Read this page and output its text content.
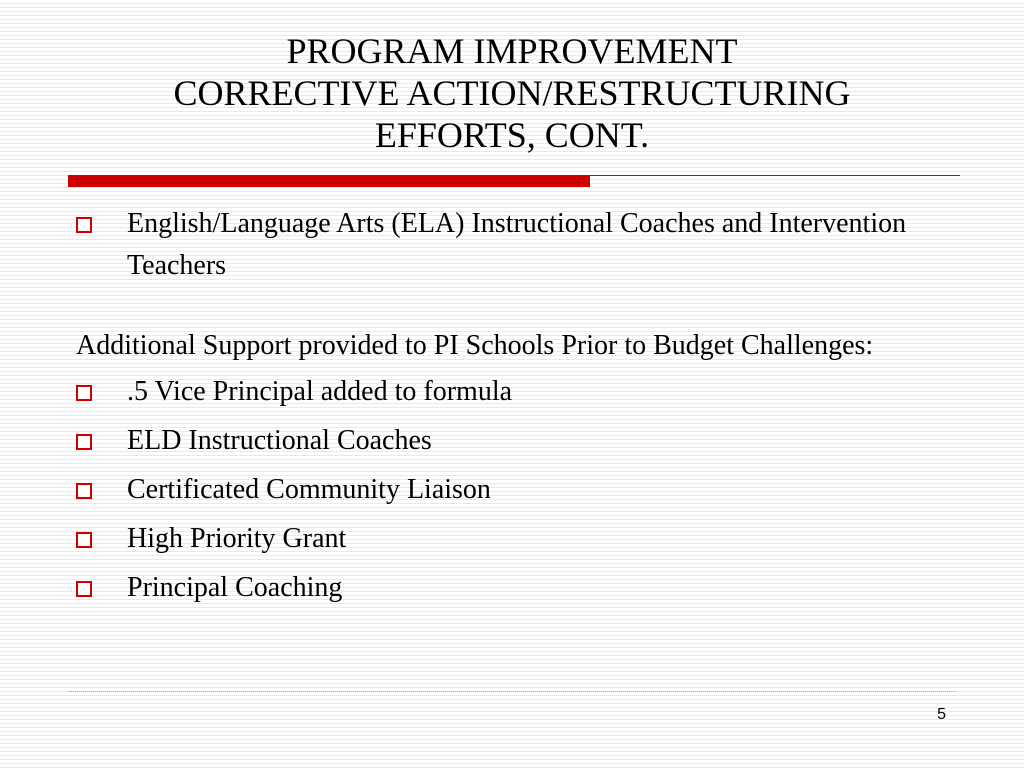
PROGRAM IMPROVEMENT
CORRECTIVE ACTION/RESTRUCTURING
EFFORTS, CONT.
English/Language Arts (ELA) Instructional Coaches and Intervention Teachers
Additional Support provided to PI Schools Prior to Budget Challenges:
.5 Vice Principal added to formula
ELD Instructional Coaches
Certificated Community Liaison
High Priority Grant
Principal Coaching
5
